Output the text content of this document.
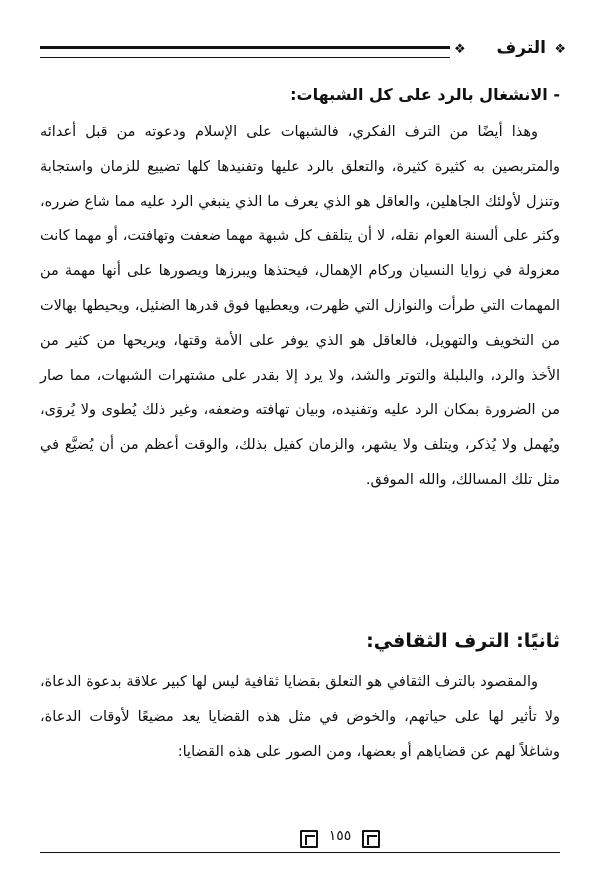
❖ الترف ❖
- الانشغال بالرد على كل الشبهات:
وهذا أيضًا من الترف الفكري، فالشبهات على الإسلام ودعوته من قبل أعدائه والمتربصين به كثيرة كثيرة، والتعلق بالرد عليها وتفنيدها كلها تضييع للزمان واستجابة وتنزل لأولئك الجاهلين، والعاقل هو الذي يعرف ما الذي ينبغي الرد عليه مما شاع ضرره، وكثر على ألسنة العوام نقله، لا أن يتلقف كل شبهة مهما ضعفت وتهافتت، أو مهما كانت معزولة في زوايا النسيان وركام الإهمال، فيحتذها ويبرزها ويصورها على أنها مهمة من المهمات التي طرأت والنوازل التي ظهرت، ويعطيها فوق قدرها الضئيل، ويحيطها بهالات من التخويف والتهويل، فالعاقل هو الذي يوفر على الأمة وقتها، ويريحها من كثير من الأخذ والرد، والبلبلة والتوتر والشد، ولا يرد إلا بقدر على مشتهرات الشبهات، مما صار من الضرورة بمكان الرد عليه وتفنيده، وبيان تهافته وضعفه، وغير ذلك يُطوى ولا يُروَى، ويُهمل ولا يُذكر، ويتلف ولا يشهر، والزمان كفيل بذلك، والوقت أعظم من أن يُضيَّع في مثل تلك المسالك، والله الموفق.
ثانيًا: الترف الثقافي:
والمقصود بالترف الثقافي هو التعلق بقضايا ثقافية ليس لها كبير علاقة بدعوة الدعاة، ولا تأثير لها على حياتهم، والخوض في مثل هذه القضايا يعد مضيعًا لأوقات الدعاة، وشاغلاً لهم عن قضاياهم أو بعضها، ومن الصور على هذه القضايا:
١٥٥
